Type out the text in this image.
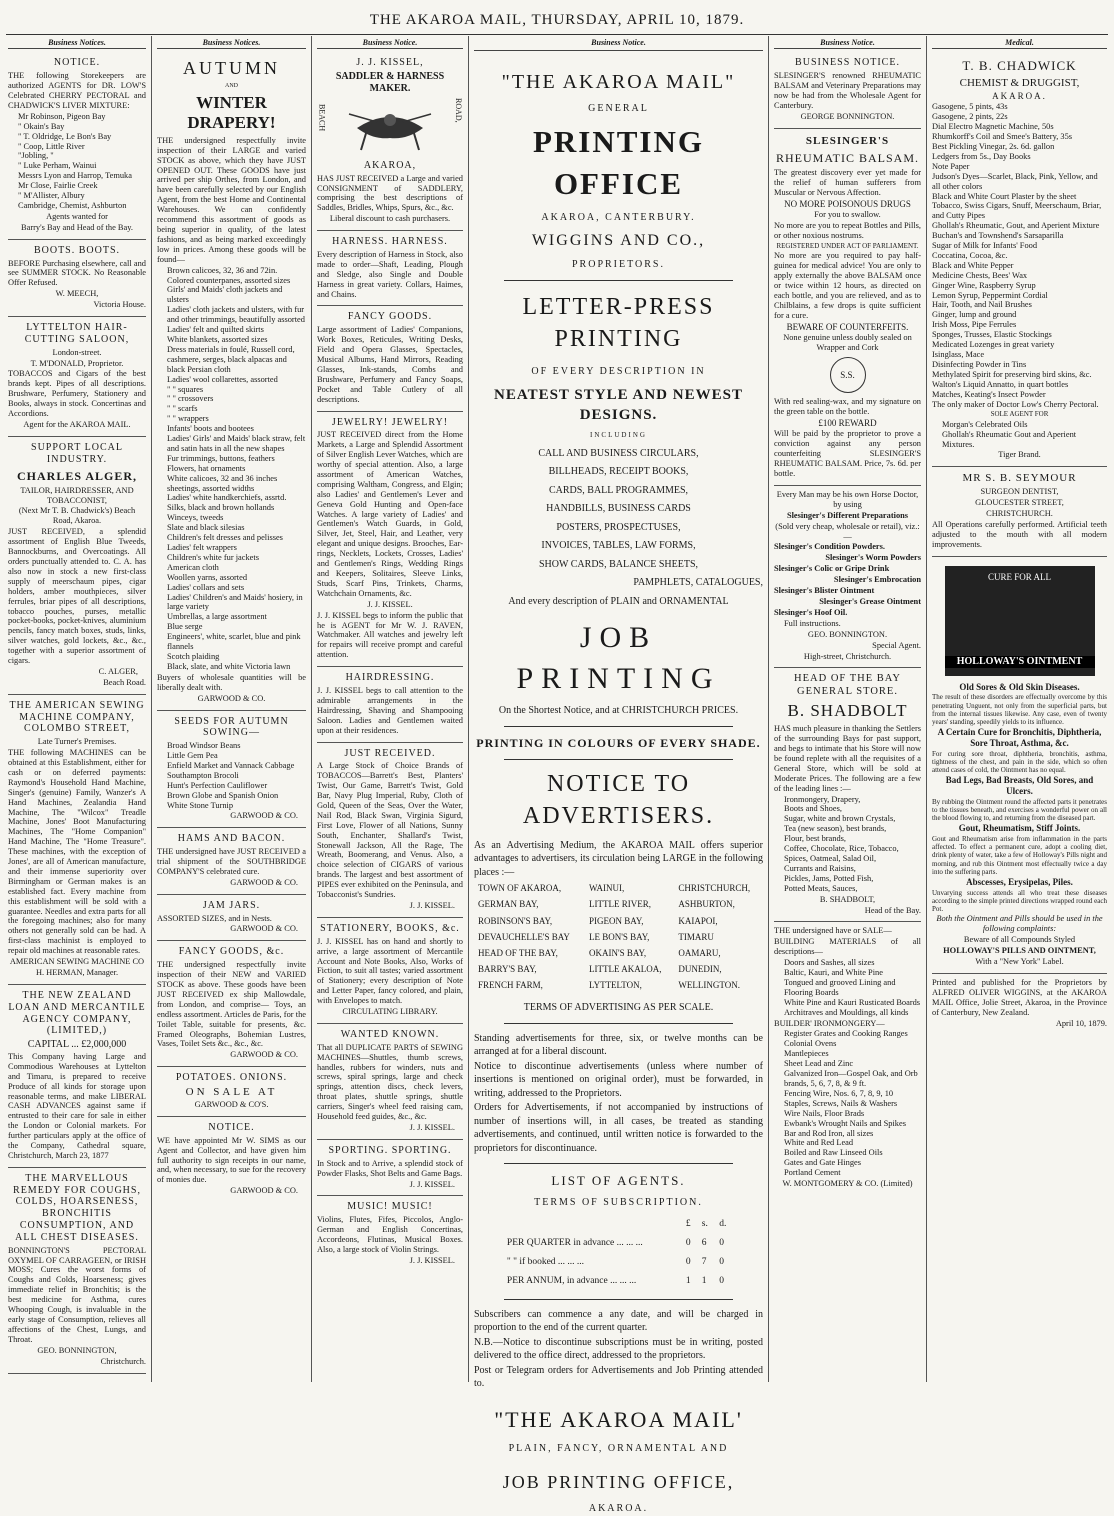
THE AKAROA MAIL, THURSDAY, APRIL 10, 1879.
Business Notices.
NOTICE.

THE following Storekeepers are authorized AGENTS for DR. LOW'S Celebrated CHERRY PECTORAL and CHADWICK'S LIVER MIXTURE:

Mr Robinson, Pigeon Bay

" Okain's Bay

" T. Oldridge, Le Bon's Bay

" Coop, Little River

"Jobling, "

" Luke Perham, Wainui

Messrs Lyon and Harrop, Temuka

Mr Close, Fairlie Creek

" M'Allister, Albury

Cambridge, Chemist, Ashburton

Agents wanted for

Barry's Bay and Head of the Bay.

BOOTS. BOOTS.

BEFORE Purchasing elsewhere, call and see SUMMER STOCK. No Reasonable Offer Refused.

W. MEECH,

Victoria House.

LYTTELTON HAIR-CUTTING SALOON,

London-street.

T. M'DONALD, Proprietor.

TOBACCOS and Cigars of the best brands kept. Pipes of all descriptions. Brushware, Perfumery, Stationery and Books, always in stock. Concertinas and Accordions.

Agent for the AKAROA MAIL.

SUPPORT LOCAL INDUSTRY.
CHARLES ALGER,

TAILOR, HAIRDRESSER, AND TOBACCONIST,

(Next Mr T. B. Chadwick's) Beach Road, Akaroa.

JUST RECEIVED, a splendid assortment of English Blue Tweeds, Bannockburns, and Overcoatings. All orders punctually attended to. C. A. has also now in stock a new first-class supply of meerschaum pipes, cigar holders, amber mouthpieces, silver ferrules, briar pipes of all descriptions, tobacco pouches, purses, metallic pocket-books, pocket-knives, aluminium pencils, fancy match boxes, studs, links, silver watches, gold lockets, &c., &c., together with a superior assortment of cigars.

C. ALGER,

Beach Road.

THE AMERICAN SEWING MACHINE COMPANY, COLOMBO STREET,

Late Turner's Premises.

THE following MACHINES can be obtained at this Establishment, either for cash or on deferred payments: Raymond's Household Hand Machine, Singer's (genuine) Family, Wanzer's A Hand Machines, Zealandia Hand Machine, The "Wilcox" Treadle Machine, Jones' Boot Manufacturing Machines, The "Home Companion" Hand Machine, The "Home Treasure". These machines, with the exception of Jones', are all of American manufacture, and their immense superiority over Birmingham or German makes is an established fact. Every machine from this establishment will be sold with a guarantee. Needles and extra parts for all the foregoing machines; also for many others not generally sold can be had. A first-class machinist is employed to repair old machines at reasonable rates.

AMERICAN SEWING MACHINE CO

H. HERMAN, Manager.

THE NEW ZEALAND LOAN AND MERCANTILE AGENCY COMPANY, (LIMITED,)

CAPITAL ... £2,000,000

This Company having Large and Commodious Warehouses at Lyttelton and Timaru, is prepared to receive Produce of all kinds for storage upon reasonable terms, and make LIBERAL CASH ADVANCES against same if entrusted to their care for sale in either the London or Colonial markets. For further particulars apply at the office of the Company, Cathedral square, Christchurch, March 23, 1877

THE MARVELLOUS REMEDY FOR COUGHS, COLDS, HOARSENESS, BRONCHITIS CONSUMPTION, AND ALL CHEST DISEASES.

BONNINGTON'S PECTORAL OXYMEL OF CARRAGEEN, or IRISH MOSS; Cures the worst forms of Coughs and Colds, Hoarseness; gives immediate relief in Bronchitis; is the best medicine for Asthma, cures Whooping Cough, is invaluable in the early stage of Consumption, relieves all affections of the Chest, Lungs, and Throat.

GEO. BONNINGTON,

Christchurch.

Business Notices.
AUTUMN
AND
WINTER DRAPERY!

THE undersigned respectfully invite inspection of their LARGE and varied STOCK as above, which they have JUST OPENED OUT. These GOODS have just arrived per ship Orthes, from London, and have been carefully selected by our English Agent, from the best Home and Continental Warehouses. We can confidently recommend this assortment of goods as being superior in quality, of the latest fashions, and as being marked exceedingly low in prices. Among these goods will be found—

Brown calicoes, 32, 36 and 72in.

Colored counterpanes, assorted sizes

Girls' and Maids' cloth jackets and ulsters

Ladies' cloth jackets and ulsters, with fur and other trimmings, beautifully assorted

Ladies' felt and quilted skirts

White blankets, assorted sizes

Dress materials in foulé, Russell cord, cashmere, serges, black alpacas and black Persian cloth

Ladies' wool collarettes, assorted

" " squares

" " crossovers

" " scarfs

" " wrappers

Infants' boots and bootees

Ladies' Girls' and Maids' black straw, felt and satin hats in all the new shapes

Fur trimmings, buttons, feathers

Flowers, hat ornaments

White calicoes, 32 and 36 inches

sheetings, assorted widths

Ladies' white handkerchiefs, assrtd.

Silks, black and brown hollands

Winceys, tweeds

Slate and black silesias

Children's felt dresses and pelisses

Ladies' felt wrappers

Children's white fur jackets

American cloth

Woollen yarns, assorted

Ladies' collars and sets

Ladies' Children's and Maids' hosiery, in large variety

Umbrellas, a large assortment

Blue serge

Engineers', white, scarlet, blue and pink flannels

Scotch plaiding

Black, slate, and white Victoria lawn

Buyers of wholesale quantities will be liberally dealt with.

GARWOOD & CO.

SEEDS FOR AUTUMN SOWING—

Broad Windsor Beans

Little Gem Pea

Enfield Market and Vannack Cabbage

Southampton Brocoli

Hunt's Perfection Cauliflower

Brown Globe and Spanish Onion

White Stone Turnip

GARWOOD & CO.

HAMS AND BACON.

THE undersigned have JUST RECEIVED a trial shipment of the SOUTHBRIDGE COMPANY'S celebrated cure.

GARWOOD & CO.

JAM JARS.

ASSORTED SIZES, and in Nests.

GARWOOD & CO.

FANCY GOODS, &c.

THE undersigned respectfully invite inspection of their NEW and VARIED STOCK as above. These goods have been JUST RECEIVED ex ship Mallowdale, from London, and comprise— Toys, an endless assortment. Articles de Paris, for the Toilet Table, suitable for presents, &c. Framed Oleographs, Bohemian Lustres, Vases, Toilet Sets &c., &c., &c.

GARWOOD & CO.

POTATOES. ONIONS.

ON SALE AT

GARWOOD & CO'S.

NOTICE.

WE have appointed Mr W. SIMS as our Agent and Collector, and have given him full authority to sign receipts in our name, and, when necessary, to sue for the recovery of monies due.

GARWOOD & CO.

Business Notice.
J. J. KISSEL,
SADDLER & HARNESS MAKER.
BEACH	ROAD,
AKAROA,

HAS JUST RECEIVED a Large and varied CONSIGNMENT of SADDLERY, comprising the best descriptions of Saddles, Bridles, Whips, Spurs, &c., &c.

Liberal discount to cash purchasers.

HARNESS. HARNESS.

Every description of Harness in Stock, also made to order—Shaft, Leading, Plough and Sledge, also Single and Double Harness in great variety. Collars, Haimes, and Chains.

FANCY GOODS.

Large assortment of Ladies' Companions, Work Boxes, Reticules, Writing Desks, Field and Opera Glasses, Spectacles, Musical Albums, Hand Mirrors, Reading Glasses, Ink-stands, Combs and Brushware, Perfumery and Fancy Soaps, Pocket and Table Cutlery of all descriptions.

JEWELRY! JEWELRY!

JUST RECEIVED direct from the Home Markets, a Large and Splendid Assortment of Silver English Lever Watches, which are worthy of special attention. Also, a large assortment of American Watches, comprising Waltham, Congress, and Elgin; also Ladies' and Gentlemen's Lever and Geneva Gold Hunting and Open-face Watches. A large variety of Ladies' and Gentlemen's Watch Guards, in Gold, Silver, Jet, Steel, Hair, and Leather, very elegant and unique designs. Brooches, Ear-rings, Necklets, Lockets, Crosses, Ladies' and Gentlemen's Rings, Wedding Rings and Keepers, Solitaires, Sleeve Links, Studs, Scarf Pins, Trinkets, Charms, Watchchain Ornaments, &c.

J. J. KISSEL.

J. J. KISSEL begs to inform the public that he is AGENT for Mr W. J. RAVEN, Watchmaker. All watches and jewelry left for repairs will receive prompt and careful attention.

HAIRDRESSING.

J. J. KISSEL begs to call attention to the admirable arrangements in the Hairdressing, Shaving and Shampooing Saloon. Ladies and Gentlemen waited upon at their residences.

JUST RECEIVED.

A Large Stock of Choice Brands of TOBACCOS—Barrett's Best, Planters' Twist, Our Game, Barrett's Twist, Gold Bar, Navy Plug Imperial, Ruby, Cloth of Gold, Queen of the Seas, Over the Water, Nail Rod, Black Swan, Virginia Sigurd, First Love, Flower of all Nations, Sunny South, Enchanter, Shallard's Twist, Stonewall Jackson, All the Rage, The Wreath, Boomerang, and Venus. Also, a choice selection of CIGARS of various brands. The largest and best assortment of PIPES ever exhibited on the Peninsula, and Tobacconist's Sundries.

J. J. KISSEL.

STATIONERY, BOOKS, &c.

J. J. KISSEL has on hand and shortly to arrive, a large assortment of Mercantile Account and Note Books, Also, Works of Fiction, to suit all tastes; varied assortment of Stationery; every description of Note and Letter Paper, fancy colored, and plain, with Envelopes to match.

CIRCULATING LIBRARY.

WANTED KNOWN.

That all DUPLICATE PARTS of SEWING MACHINES—Shuttles, thumb screws, handles, rubbers for winders, nuts and screws, spiral springs, large and check springs, attention discs, check levers, throat plates, shuttle springs, shuttle carriers, Singer's wheel feed raising cam, Household feed guides, &c., &c.

J. J. KISSEL.

SPORTING. SPORTING.

In Stock and to Arrive, a splendid stock of Powder Flasks, Shot Belts and Game Bags.

J. J. KISSEL.

MUSIC! MUSIC!

Violins, Flutes, Fifes, Piccolos, Anglo-German and English Concertinas, Accordeons, Flutinas, Musical Boxes. Also, a large stock of Violin Strings.

J. J. KISSEL.

Business Notice.
"THE AKAROA MAIL"
GENERAL
PRINTING OFFICE
AKAROA, CANTERBURY.
WIGGINS AND CO.,
PROPRIETORS.
LETTER-PRESS PRINTING
OF EVERY DESCRIPTION IN
NEATEST STYLE AND NEWEST DESIGNS.
INCLUDING
CALL AND BUSINESS CIRCULARS,
BILLHEADS, RECEIPT BOOKS,
CARDS, BALL PROGRAMMES,
HANDBILLS, BUSINESS CARDS
POSTERS, PROSPECTUSES,
INVOICES, TABLES, LAW FORMS,
SHOW CARDS, BALANCE SHEETS,
PAMPHLETS, CATALOGUES,
And every description of PLAIN and ORNAMENTAL
JOB PRINTING
On the Shortest Notice, and at CHRISTCHURCH PRICES.
PRINTING IN COLOURS OF EVERY SHADE.
NOTICE TO ADVERTISERS.

As an Advertising Medium, the AKAROA MAIL offers superior advantages to advertisers, its circulation being LARGE in the following places :—

TOWN OF AKAROA,	WAINUI,	CHRISTCHURCH,
GERMAN BAY,	LITTLE RIVER,	ASHBURTON,
ROBINSON'S BAY,	PIGEON BAY,	KAIAPOI,
DEVAUCHELLE'S BAY	LE BON'S BAY,	TIMARU
HEAD OF THE BAY,	OKAIN'S BAY,	OAMARU,
BARRY'S BAY,	LITTLE AKALOA,	DUNEDIN,
FRENCH FARM,	LYTTELTON,	WELLINGTON.
TERMS OF ADVERTISING AS PER SCALE.

Standing advertisements for three, six, or twelve months can be arranged at for a liberal discount.

Notice to discontinue advertisements (unless where number of insertions is mentioned on original order), must be forwarded, in writing, addressed to the Proprietors.

Orders for Advertisements, if not accompanied by instructions of number of insertions will, in all cases, be treated as standing advertisements, and continued, until written notice is forwarded to the proprietors for discontinuance.

LIST OF AGENTS.
TERMS OF SUBSCRIPTION.
	£	s.	d.
PER QUARTER in advance ... ... ...	0	6	0
" " if booked ... ... ...	0	7	0
PER ANNUM, in advance ... ... ...	1	1	0

Subscribers can commence a any date, and will be charged in proportion to the end of the current quarter.

N.B.—Notice to discontinue subscriptions must be in writing, posted delivered to the office direct, addressed to the proprietors.

Post or Telegram orders for Advertisements and Job Printing attended to.

"THE AKAROA MAIL'
PLAIN, FANCY, ORNAMENTAL AND
JOB PRINTING OFFICE,
AKAROA.
Business Notice.
BUSINESS NOTICE.

SLESINGER'S renowned RHEUMATIC BALSAM and Veterinary Preparations may now be had from the Wholesale Agent for Canterbury.

GEORGE BONNINGTON.

SLESINGER'S
RHEUMATIC BALSAM.

The greatest discovery ever yet made for the relief of human sufferers from Muscular or Nervous Affection.

NO MORE POISONOUS DRUGS

For you to swallow.

No more are you to repeat Bottles and Pills, or other noxious nostrums.

REGISTERED UNDER ACT OF PARLIAMENT.

No more are you required to pay half-guinea for medical advice! You are only to apply externally the above BALSAM once or twice within 12 hours, as directed on each bottle, and you are relieved, and as to Chilblains, a few drops is quite sufficient for a cure.

BEWARE OF COUNTERFEITS.

None genuine unless doubly sealed on Wrapper and Cork

S.S.

With red sealing-wax, and my signature on the green table on the bottle.

£100 REWARD

Will be paid by the proprietor to prove a conviction against any person counterfeiting SLESINGER'S RHEUMATIC BALSAM. Price, 7s. 6d. per bottle.

Every Man may be his own Horse Doctor, by using

Slesinger's Different Preparations

(Sold very cheap, wholesale or retail), viz.:—

Slesinger's Condition Powders.

Slesinger's Worm Powders

Slesinger's Colic or Gripe Drink

Slesinger's Embrocation

Slesinger's Blister Ointment

Slesinger's Grease Ointment

Slesinger's Hoof Oil.

Full instructions.

GEO. BONNINGTON.

Special Agent.

High-street, Christchurch.

HEAD OF THE BAY GENERAL STORE.
B. SHADBOLT

HAS much pleasure in thanking the Settlers of the surrounding Bays for past support, and begs to intimate that his Store will now be found replete with all the requisites of a General Store, which will be sold at Moderate Prices. The following are a few of the leading lines :—

Ironmongery, Drapery,

Boots and Shoes,

Sugar, white and brown Crystals,

Tea (new season), best brands,

Flour, best brands,

Coffee, Chocolate, Rice, Tobacco,

Spices, Oatmeal, Salad Oil,

Currants and Raisins,

Pickles, Jams, Potted Fish,

Potted Meats, Sauces,

B. SHADBOLT,

Head of the Bay.

THE undersigned have or SALE—

BUILDING MATERIALS of all descriptions—

Doors and Sashes, all sizes

Baltic, Kauri, and White Pine

Tongued and grooved Lining and Flooring Boards

White Pine and Kauri Rusticated Boards

Architraves and Mouldings, all kinds

BUILDER' IRONMONGERY—

Register Grates and Cooking Ranges

Colonial Ovens

Mantlepieces

Sheet Lead and Zinc

Galvanized Iron—Gospel Oak, and Orb brands, 5, 6, 7, 8, & 9 ft.

Fencing Wire, Nos. 6, 7, 8, 9, 10

Staples, Screws, Nails & Washers

Wire Nails, Floor Brads

Ewbank's Wrought Nails and Spikes

Bar and Rod Iron, all sizes

White and Red Lead

Boiled and Raw Linseed Oils

Gates and Gate Hinges

Portland Cement

W. MONTGOMERY & CO. (Limited)

Medical.
T. B. CHADWICK
CHEMIST & DRUGGIST,
AKAROA.

Gasogene, 5 pints, 43s

Gasogene, 2 pints, 22s

Dial Electro Magnetic Machine, 50s

Rhumkorff's Coil and Smee's Battery, 35s

Best Pickling Vinegar, 2s. 6d. gallon

Ledgers from 5s., Day Books

Note Paper

Judson's Dyes—Scarlet, Black, Pink, Yellow, and all other colors

Black and White Court Plaster by the sheet

Tobacco, Swiss Cigars, Snuff, Meerschaum, Briar, and Cutty Pipes

Ghollah's Rheumatic, Gout, and Aperient Mixture

Buchan's and Townshend's Sarsaparilla

Sugar of Milk for Infants' Food

Coccatina, Cocoa, &c.

Black and White Pepper

Medicine Chests, Bees' Wax

Ginger Wine, Raspberry Syrup

Lemon Syrup, Peppermint Cordial

Hair, Tooth, and Nail Brushes

Ginger, lump and ground

Irish Moss, Pipe Ferrules

Sponges, Trusses, Elastic Stockings

Medicated Lozenges in great variety

Isinglass, Mace

Disinfecting Powder in Tins

Methylated Spirit for preserving bird skins, &c.

Walton's Liquid Annatto, in quart bottles

Matches, Keating's Insect Powder

The only maker of Doctor Low's Cherry Pectoral.

SOLE AGENT FOR

Morgan's Celebrated Oils

Ghollah's Rheumatic Gout and Aperient Mixtures.

Tiger Brand.

MR S. B. SEYMOUR

SURGEON DENTIST,

GLOUCESTER STREET,

CHRISTCHURCH.

All Operations carefully performed. Artificial teeth adjusted to the mouth with all modern improvements.

CURE FOR ALL
HOLLOWAY'S OINTMENT

Old Sores & Old Skin Diseases.

The result of these disorders are effectually overcome by this penetrating Unguent, not only from the superficial parts, but from the internal tissues likewise. Any case, even of twenty years' standing, speedily yields to its influence.

A Certain Cure for Bronchitis, Diphtheria, Sore Throat, Asthma, &c.

For curing sore throat, diphtheria, bronchitis, asthma, tightness of the chest, and pain in the side, which so often attend cases of cold, the Ointment has no equal.

Bad Legs, Bad Breasts, Old Sores, and Ulcers.

By rubbing the Ointment round the affected parts it penetrates to the tissues beneath, and exercises a wonderful power on all the blood flowing to, and returning from the diseased part.

Gout, Rheumatism, Stiff Joints.

Gout and Rheumatism arise from inflammation in the parts affected. To effect a permanent cure, adopt a cooling diet, drink plenty of water, take a few of Holloway's Pills night and morning, and rub this Ointment most effectually twice a day into the suffering parts.

Abscesses, Erysipelas, Piles.

Unvarying success attends all who treat these diseases according to the simple printed directions wrapped round each Pot.

Both the Ointment and Pills should be used in the following complaints:

Beware of all Compounds Styled

HOLLOWAY'S PILLS AND OINTMENT,

With a "New York" Label.

Printed and published for the Proprietors by ALFRED OLIVER WIGGINS, at the AKAROA MAIL Office, Jolie Street, Akaroa, in the Province of Canterbury, New Zealand.

April 10, 1879.
